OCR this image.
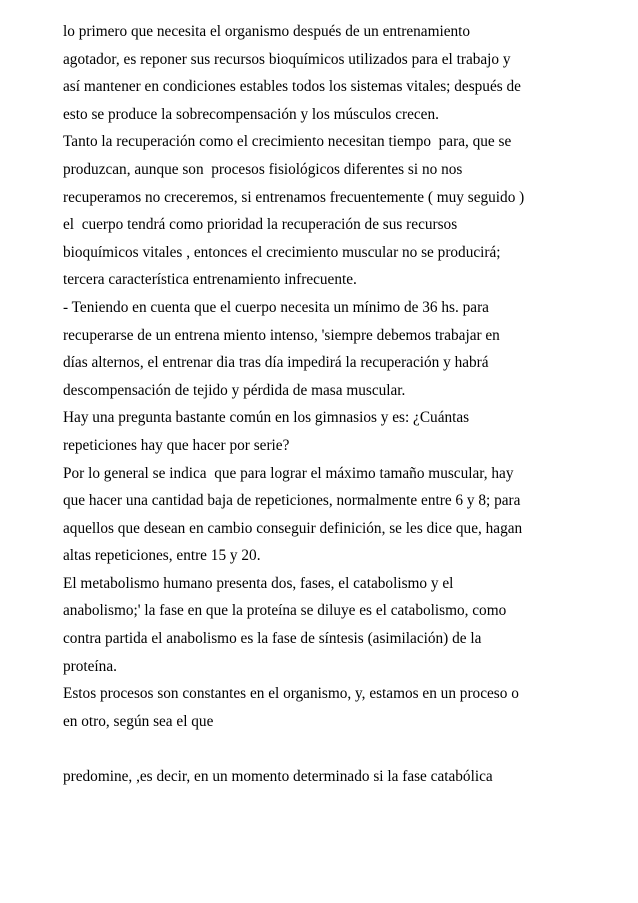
lo primero que necesita el organismo después de un entrenamiento
agotador, es reponer sus recursos bioquímicos utilizados para el trabajo y
así mantener en condiciones estables todos los sistemas vitales; después de
esto se produce la sobrecompensación y los músculos crecen.
Tanto la recuperación como el crecimiento necesitan tiempo  para, que se
produzcan, aunque son  procesos fisiológicos diferentes si no nos
recuperamos no creceremos, si entrenamos frecuentemente ( muy seguido )
el  cuerpo tendrá como prioridad la recuperación de sus recursos
bioquímicos vitales , entonces el crecimiento muscular no se producirá;
tercera característica entrenamiento infrecuente.
- Teniendo en cuenta que el cuerpo necesita un mínimo de 36 hs. para
recuperarse de un entrena miento intenso, 'siempre debemos trabajar en
días alternos, el entrenar dia tras día impedirá la recuperación y habrá
descompensación de tejido y pérdida de masa muscular.
Hay una pregunta bastante común en los gimnasios y es: ¿Cuántas
repeticiones hay que hacer por serie?
Por lo general se indica  que para lograr el máximo tamaño muscular, hay
que hacer una cantidad baja de repeticiones, normalmente entre 6 y 8; para
aquellos que desean en cambio conseguir definición, se les dice que, hagan
altas repeticiones, entre 15 y 20.
El metabolismo humano presenta dos, fases, el catabolismo y el
anabolismo;' la fase en que la proteína se diluye es el catabolismo, como
contra partida el anabolismo es la fase de síntesis (asimilación) de la
proteína.
Estos procesos son constantes en el organismo, y, estamos en un proceso o
en otro, según sea el que
predomine, ,es decir, en un momento determinado si la fase catabólica
